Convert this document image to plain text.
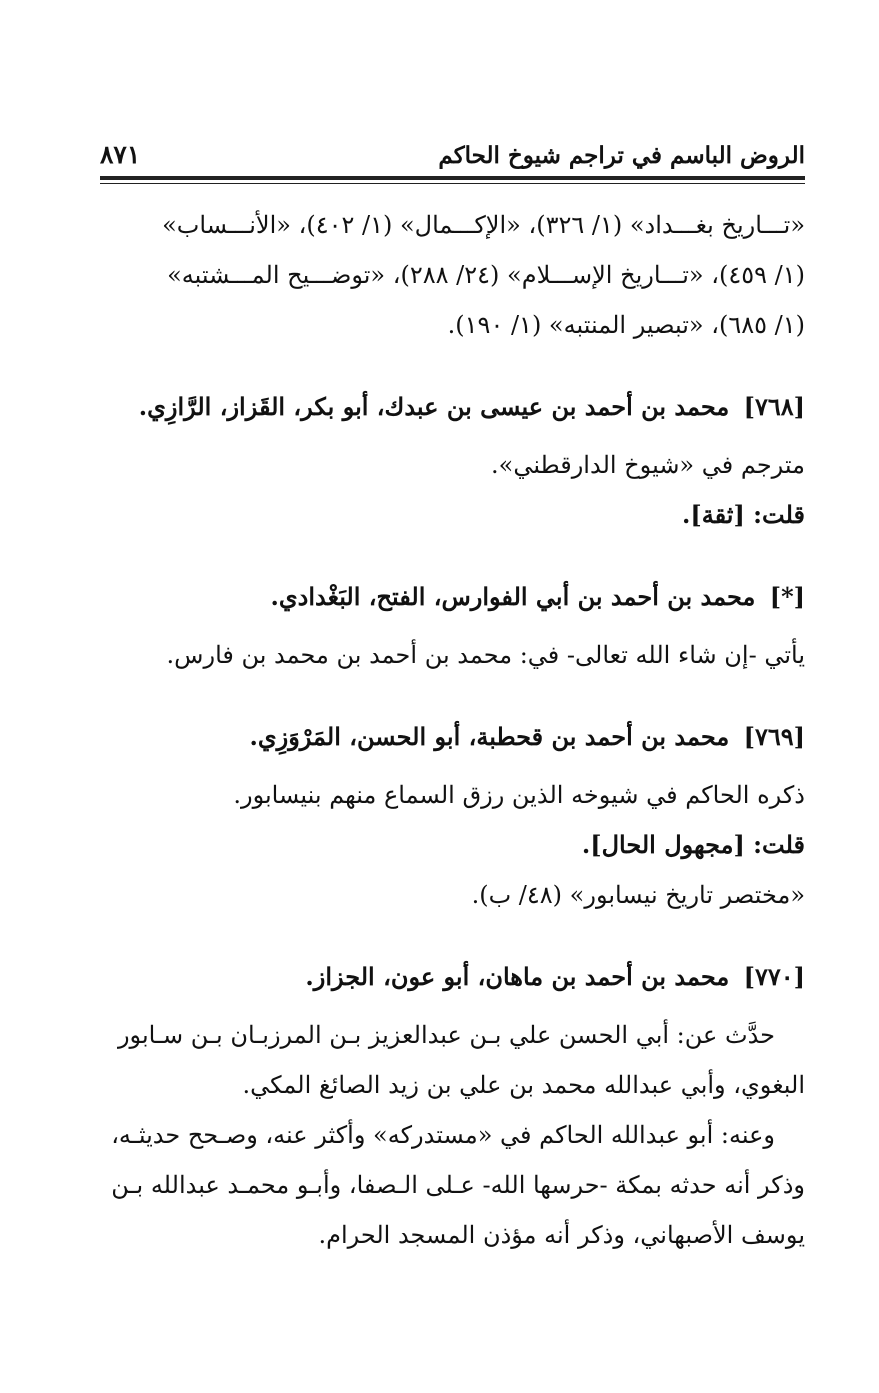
الروض الباسم في تراجم شيوخ الحاكم
٨٧١

«تـــاريخ بغـــداد» (١/ ٣٢٦)، «الإكـــمال» (١/ ٤٠٢)، «الأنـــساب»

(١/ ٤٥٩)، «تـــاريخ الإســـلام» (٢٤/ ٢٨٨)، «توضـــيح المـــشتبه»

(١/ ٦٨٥)، «تبصير المنتبه» (١/ ١٩٠).

[٧٦٨] محمد بن أحمد بن عيسى بن عبدك، أبو بكر، القَزاز، الرَّازِي.

مترجم في «شيوخ الدارقطني».

قلت: [ثقة].

[*] محمد بن أحمد بن أبي الفوارس، الفتح، البَغْدادي.

يأتي -إن شاء الله تعالى- في: محمد بن أحمد بن محمد بن فارس.

[٧٦٩] محمد بن أحمد بن قحطبة، أبو الحسن، المَرْوَزِي.

ذكره الحاكم في شيوخه الذين رزق السماع منهم بنيسابور.

قلت: [مجهول الحال].

«مختصر تاريخ نيسابور» (٤٨/ ب).

[٧٧٠] محمد بن أحمد بن ماهان، أبو عون، الجزاز.

حدَّث عن: أبي الحسن علي بـن عبدالعزيز بـن المرزبـان بـن سـابور

البغوي، وأبي عبدالله محمد بن علي بن زيد الصائغ المكي.

وعنه: أبو عبدالله الحاكم في «مستدركه» وأكثر عنه، وصـحح حديثـه،

وذكر أنه حدثه بمكة -حرسها الله- عـلى الـصفا، وأبـو محمـد عبدالله بـن

يوسف الأصبهاني، وذكر أنه مؤذن المسجد الحرام.
